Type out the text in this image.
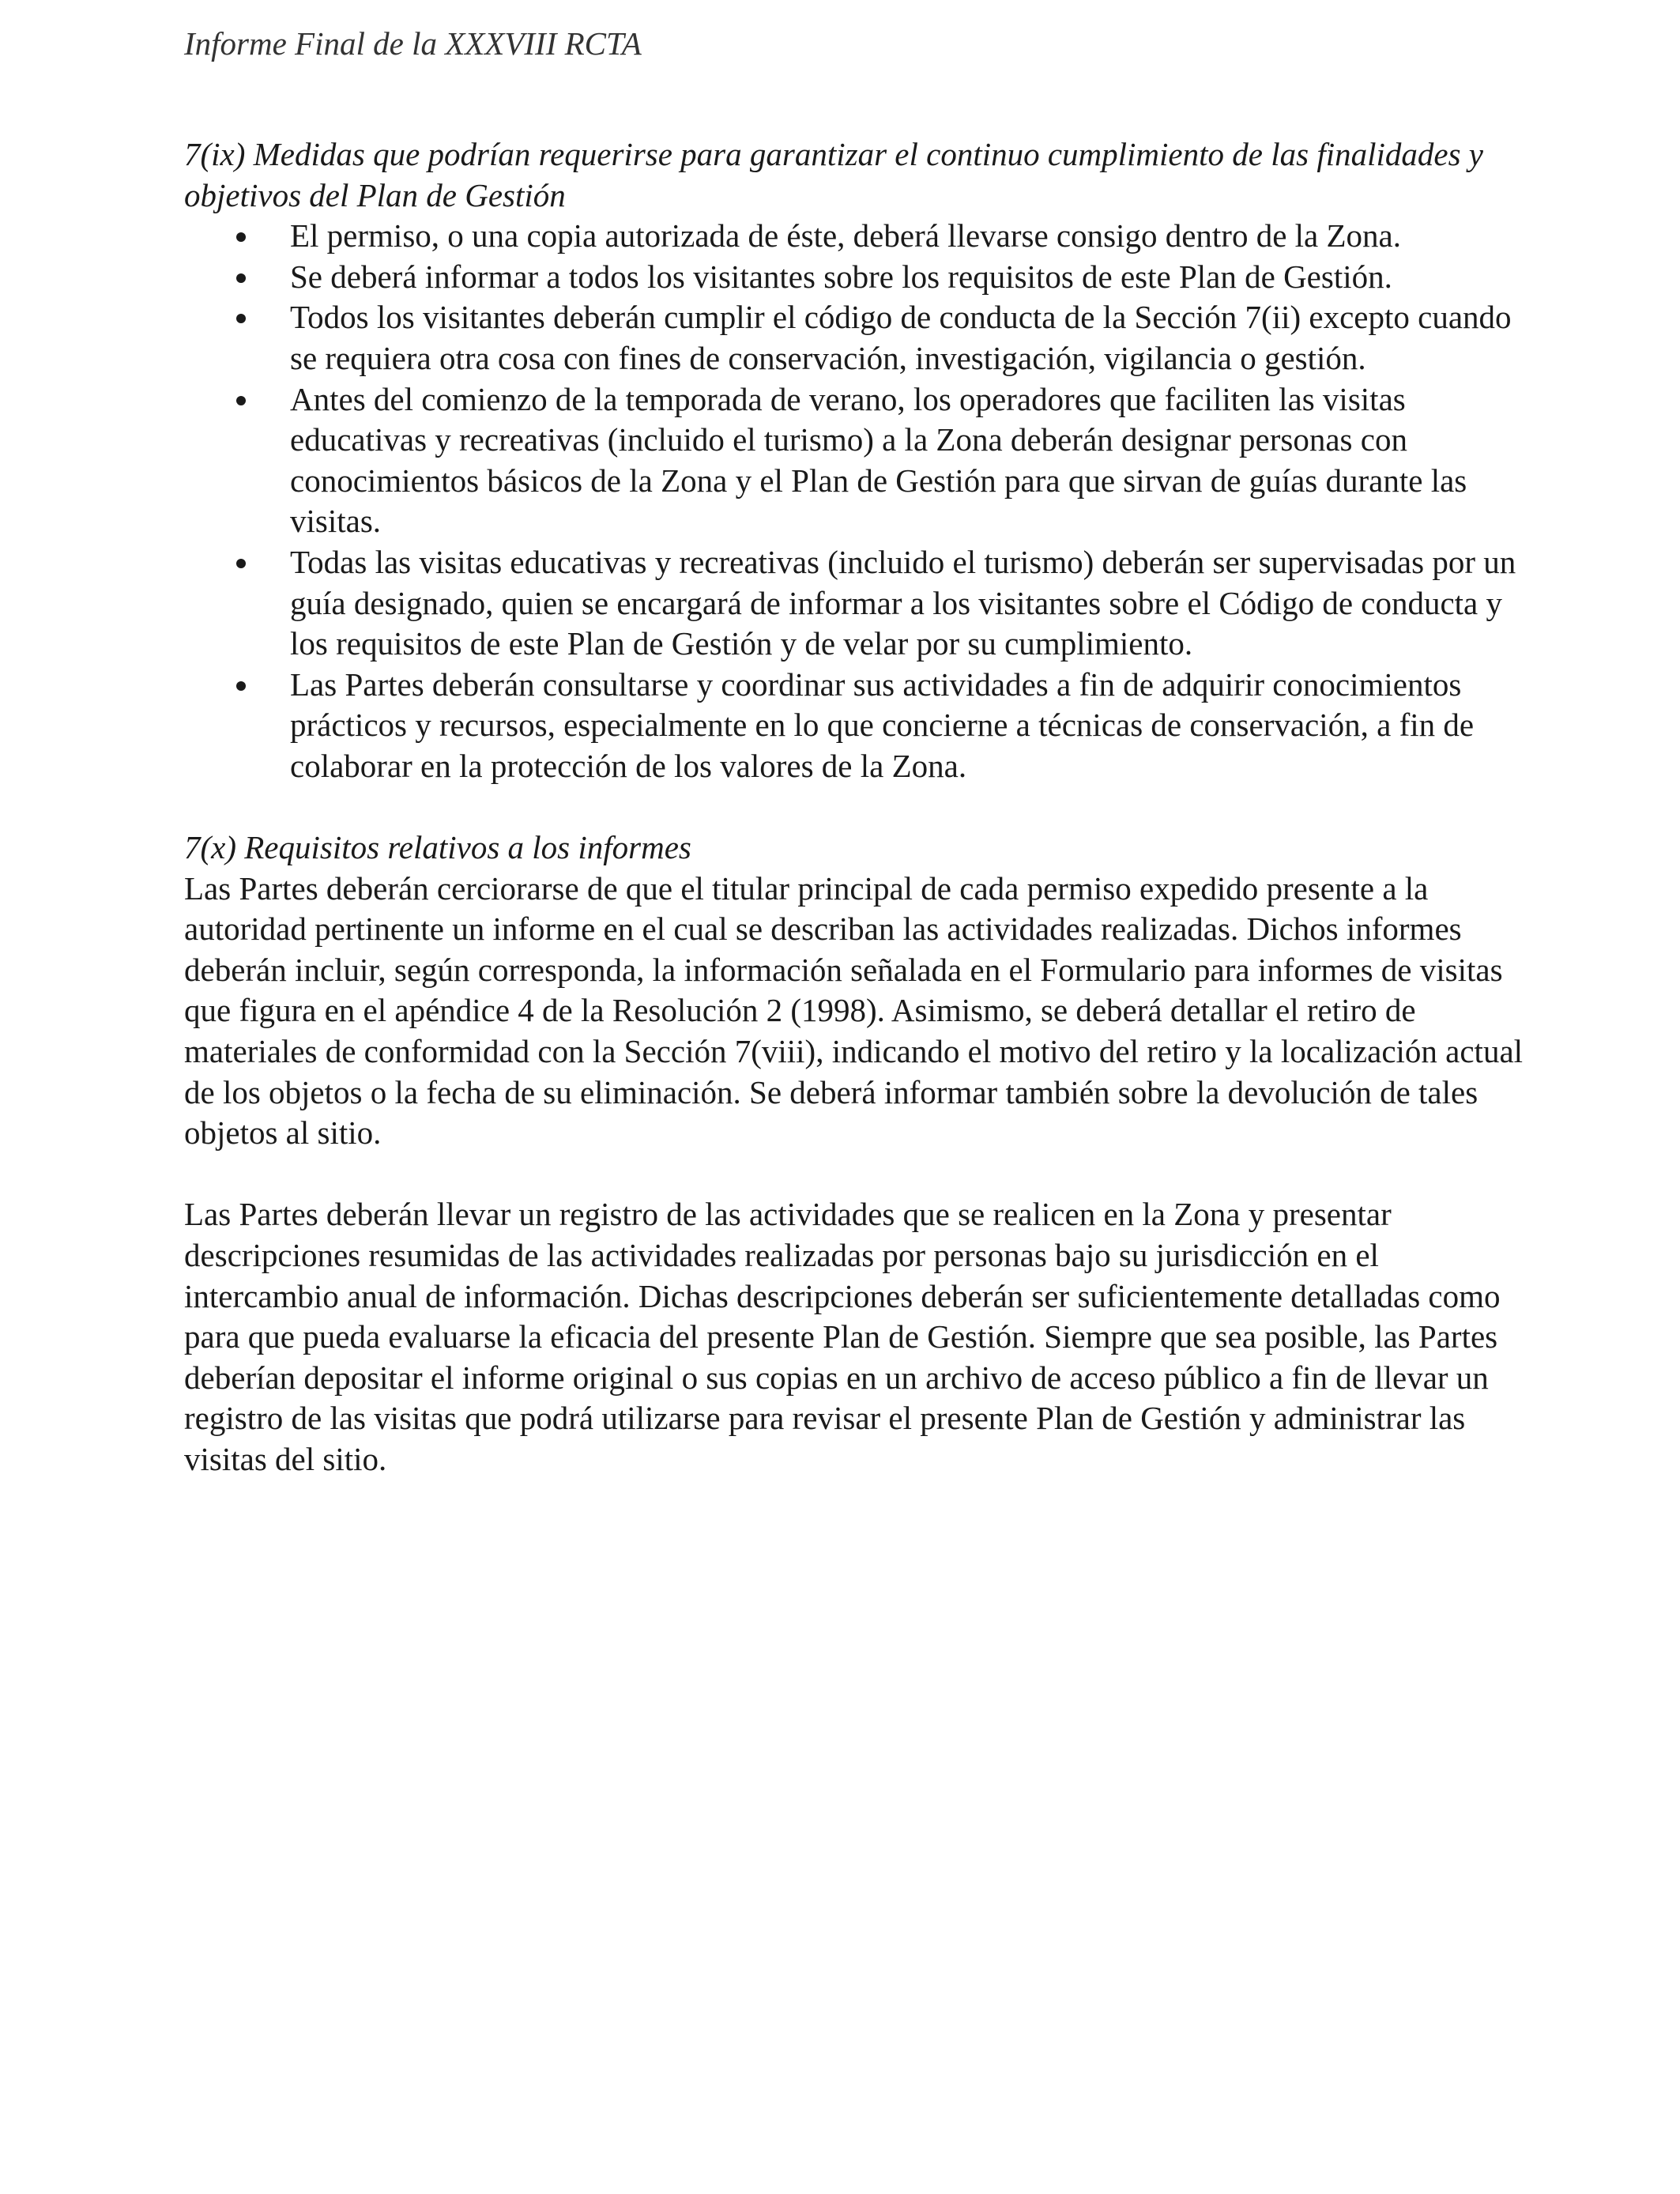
Informe Final de la XXXVIII RCTA
7(ix) Medidas que podrían requerirse para garantizar el continuo cumplimiento de las finalidades y objetivos del Plan de Gestión
El permiso, o una copia autorizada de éste, deberá llevarse consigo dentro de la Zona.
Se deberá informar a todos los visitantes sobre los requisitos de este Plan de Gestión.
Todos los visitantes deberán cumplir el código de conducta de la Sección 7(ii) excepto cuando se requiera otra cosa con fines de conservación, investigación, vigilancia o gestión.
Antes del comienzo de la temporada de verano, los operadores que faciliten las visitas educativas y recreativas (incluido el turismo) a la Zona deberán designar personas con conocimientos básicos de la Zona y el Plan de Gestión para que sirvan de guías durante las visitas.
Todas las visitas educativas y recreativas (incluido el turismo) deberán ser supervisadas por un guía designado, quien se encargará de informar a los visitantes sobre el Código de conducta y los requisitos de este Plan de Gestión y de velar por su cumplimiento.
Las Partes deberán consultarse y coordinar sus actividades a fin de adquirir conocimientos prácticos y recursos, especialmente en lo que concierne a técnicas de conservación, a fin de colaborar en la protección de los valores de la Zona.
7(x) Requisitos relativos a los informes

Las Partes deberán cerciorarse de que el titular principal de cada permiso expedido presente a la autoridad pertinente un informe en el cual se describan las actividades realizadas. Dichos informes deberán incluir, según corresponda, la información señalada en el Formulario para informes de visitas que figura en el apéndice 4 de la Resolución 2 (1998). Asimismo, se deberá detallar el retiro de materiales de conformidad con la Sección 7(viii), indicando el motivo del retiro y la localización actual de los objetos o la fecha de su eliminación. Se deberá informar también sobre la devolución de tales objetos al sitio.

Las Partes deberán llevar un registro de las actividades que se realicen en la Zona y presentar descripciones resumidas de las actividades realizadas por personas bajo su jurisdicción en el intercambio anual de información. Dichas descripciones deberán ser suficientemente detalladas como para que pueda evaluarse la eficacia del presente Plan de Gestión. Siempre que sea posible, las Partes deberían depositar el informe original o sus copias en un archivo de acceso público a fin de llevar un registro de las visitas que podrá utilizarse para revisar el presente Plan de Gestión y administrar las visitas del sitio.
